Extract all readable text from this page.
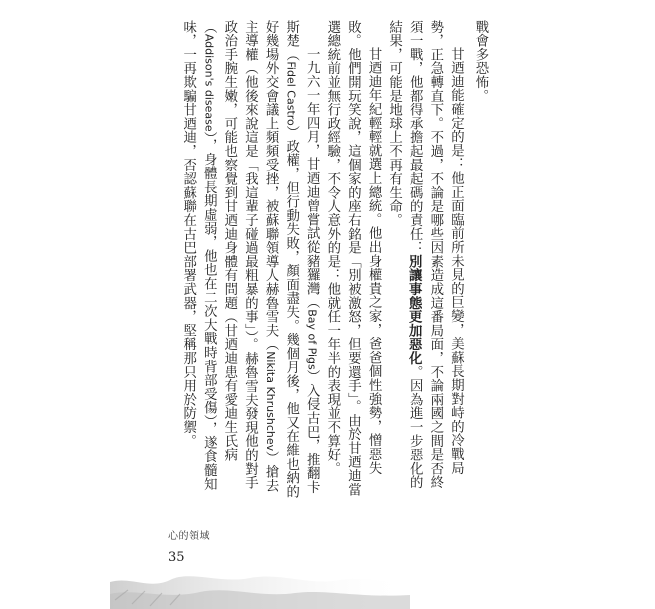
戰會多恐怖。

甘迺迪能確定的是：他正面臨前所未見的巨變，美蘇長期對峙的冷戰局勢，正急轉直下。不過，不論是哪些因素造成這番局面，不論兩國之間是否終須一戰，他都得承擔起最起碼的責任：別讓事態更加惡化。因為進一步惡化的結果，可能是地球上不再有生命。

甘迺迪年紀輕輕就選上總統。他出身權貴之家，爸爸個性強勢，憎惡失敗。他們開玩笑說，這個家的座右銘是「別被激怒，但要還手」。由於甘迺迪當選總統前並無行政經驗，不令人意外的是：他就任一年半的表現並不算好。

一九六一年四月，甘迺迪曾嘗試從豬玀灣（Bay of Pigs）入侵古巴，推翻卡斯楚（Fidel Castro）政權，但行動失敗，顏面盡失。幾個月後，他又在維也納的好幾場外交會議上頻頻受挫，被蘇聯領導人赫魯雪夫（Nikita Khrushchev）搶去主導權（他後來說這是「我這輩子碰過最粗暴的事」）。赫魯雪夫發現他的對手政治手腕生嫩，可能也察覺到甘迺迪身體有問題（甘迺迪患有愛迪生氏病（Addison's disease），身體長期虛弱，他也在二次大戰時背部受傷），遂食髓知味，一再欺騙甘迺迪，否認蘇聯在古巴部署武器，堅稱那只用於防禦。

心的領域
35
